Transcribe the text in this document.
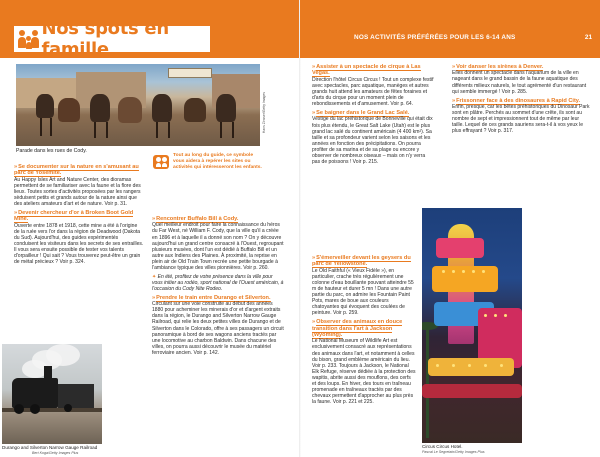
Nos spots en famille
Hans Zinsser/Getty Images
Parade dans les rues de Cody.
Tout au long du guide, ce symbole vous aidera à repérer les sites ou activités qui intéresseront les enfants.
»Se documenter sur la nature en s'amusant au parc de Yosemite.
Au Happy Isles Art and Nature Center, des dioramas permettent de se familiariser avec la faune et la flore des lieux. Toutes sortes d'activités proposées par les rangers sèduisent petits et grands autour de la nature ainsi que des ateliers amateurs d'art et de nature. Voir p. 31.
»Devenir chercheur d'or à Broken Boot Gold Mine.
Ouverte entre 1878 et 1918, cette mine a été à l'origine de la ruée vers l'or dans la région de Deadwood (Dakota du Sud). Aujourd'hui, des guides expérimentés conduisent les visiteurs dans les secrets de ses entrailles. Il vous sera ensuite possible de tester vos talents d'orpailleur ! Qui sait ? Vous trouverez peut-être un grain de métal précieux ? Voir p. 324.
»Rencontrer Buffalo Bill à Cody.
Quel meilleur endroit pour faire la connaissance du héros du Far West, né William F. Cody, que la ville qu'il a créée en 1896 et à laquelle il a donné son nom ? On y découvre aujourd'hui un grand centre consacré à l'Ouest, regroupant plusieurs musées, dont l'un est dédié à Buffalo Bill et un autre aux Indiens des Plaines. À proximité, la reprise en plein air de Old Train Town recrée une petite bourgade à l'ambiance typique des villes pionnières. Voir p. 260.
✦ En été, profitez de votre présence dans la ville pour vous initier au rodéo, sport national de l'Ouest américain, à l'occasion du Cody Nite Rodeo.
»Prendre le train entre Durango et Silverton.
Circulant sur une voie construite au début des années 1880 pour acheminer les minerais d'or et d'argent extraits dans la région, le Durango and Silverton Narrow Gauge Railroad, qui relie les deux petites villes de Durango et de Silverton dans le Colorado, offre à ses passagers un circuit panoramique à bord de ses wagons anciens tractés par une locomotive au charbon Baldwin. Dans chacune des villes, on pourra aussi découvrir le musée du matériel ferroviaire ancien. Voir p. 142.
Durango and Silverton Narrow Gauge Railroad
Bert Koga/Getty Images Plus
NOS ACTIVITÉS PRÉFÉRÉES POUR LES 6-14 ANS	21
»Assister à un spectacle de cirque à Las Vegas.
Direction l'hôtel Circus Circus ! Tout un complexe festif avec spectacles, parc aquatique, manèges et autres grands huit attend les amateurs de fêtes foraines et d'arts du cirque pour un moment plein de rebondissements et d'amusement. Voir p. 64.
»Se baigner dans le Grand Lac Salé.
Vestige du lac préhistorique de Bonneville qui était dix fois plus étendu, le Great Salt Lake (Utah) est le plus grand lac salé du continent américain (4 400 km²). Sa taille et sa profondeur varient selon les saisons et les années en fonction des précipitations. On pourra profiter de sa marina et de sa plage ou encore y observer de nombreux oiseaux – mais on n'y verra pas de poissons ! Voir p. 215.
»Voir danser les sirènes à Denver.
Elles donnent un spectacle dans l'aquarium de la ville en nageant dans le grand bassin de la faune aquatique des différents milieux naturels, le tout agrémenté d'un restaurant qui semble immergé ! Voir p. 285.
»Frissonner face à des dinosaures à Rapid City.
Enfin, presque, car les bêtes préhistoriques du Dinosaur Park sont en plâtre. Perchés au sommet d'une crête, ils sont au nombre de sept et impressionnent tout de même par leur taille. Lequel de ces grands sauriens sera-t-il à vos yeux le plus effrayant ? Voir p. 317.
»S'émerveiller devant les geysers du parc de Yellowstone.
Le Old Faithful (« Vieux Fidèle »), en particulier, crache très régulièrement une colonne d'eau bouillante pouvant atteindre 55 m de hauteur et durer 5 mn ! Dans une autre partie du parc, on admire les Fountain Paint Pots, mares de boue aux couleurs chatoyantes qui évoquent des coulées de peinture. Voir p. 259.
»Observer des animaux en douce transition dans l'art à Jackson (Wyoming).
Le National Museum of Wildlife Art est exclusivement consacré aux représentations des animaux dans l'art, et notamment à celles du bison, grand emblème américain du lieu. Voir p. 233. Toujours à Jackson, le National Elk Refuge, réserve dédiée à la protection des wapitis, abrite aussi des mouflons, des cerfs et des loups. En hiver, des tours en traîneau promenade en traîneaux tractés par des chevaux permettent d'approcher au plus près la faune. Voir p. 221 et 225.
Circus Circus Hotel.
Pascal Le Segretain/Getty Images Plus
